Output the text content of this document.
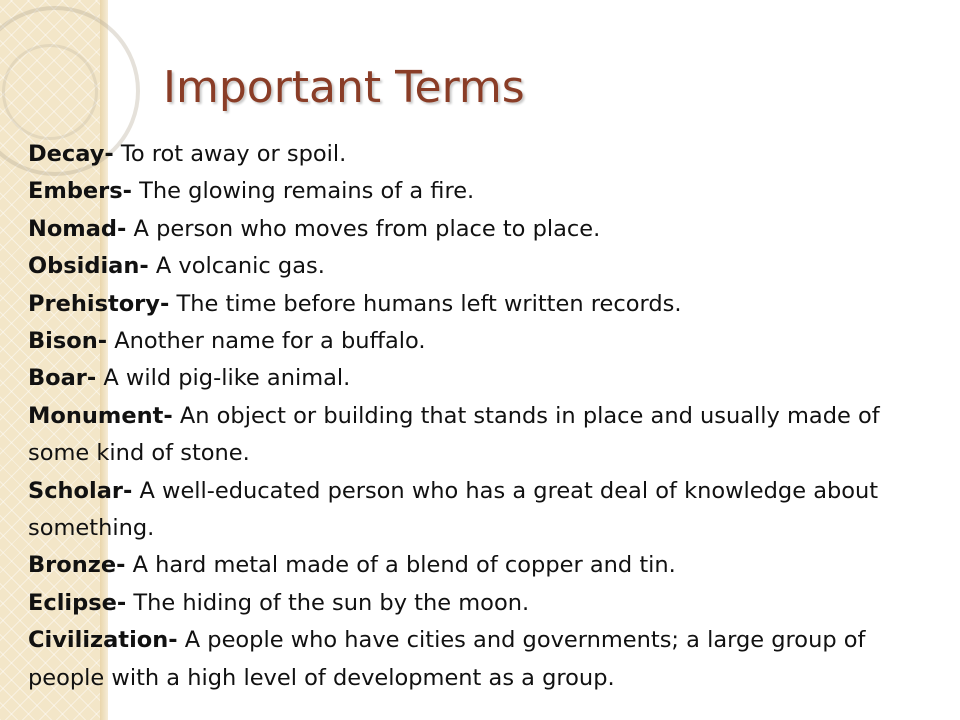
Important Terms
Decay- To rot away or spoil.
Embers- The glowing remains of a fire.
Nomad- A person who moves from place to place.
Obsidian- A volcanic gas.
Prehistory- The time before humans left written records.
Bison- Another name for a buffalo.
Boar- A wild pig-like animal.
Monument- An object or building that stands in place and usually made of some kind of stone.
Scholar- A well-educated person who has a great deal of knowledge about something.
Bronze- A hard metal made of a blend of copper and tin.
Eclipse- The hiding of the sun by the moon.
Civilization- A people who have cities and governments; a large group of people with a high level of development as a group.
